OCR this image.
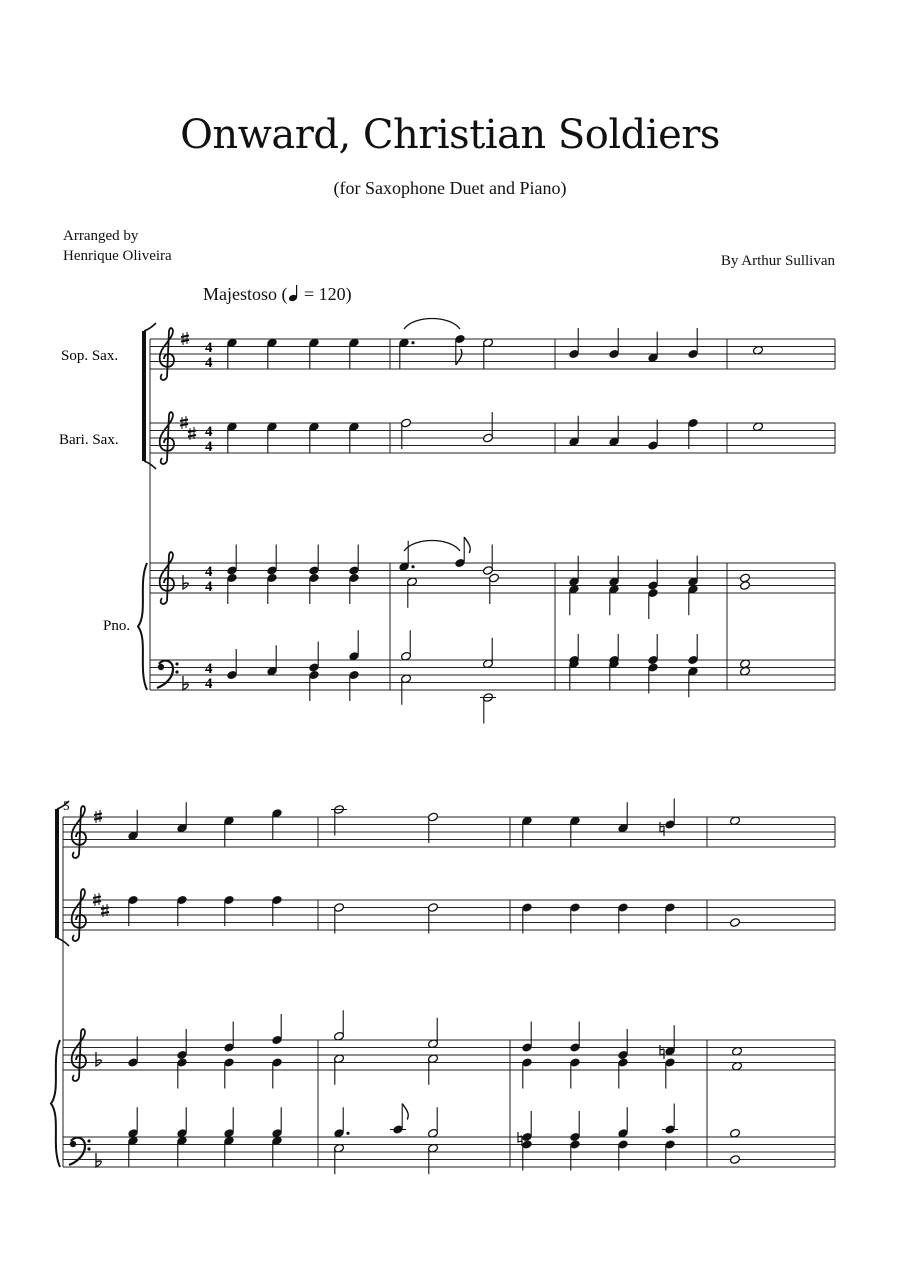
Onward, Christian Soldiers
(for Saxophone Duet and Piano)
Arranged by
Henrique Oliveira	By Arthur Sullivan
Majestoso ( = 120)
Sop. Sax.
Bari. Sax.
Pno.
5
4
4
4
4
4
4
4
4
